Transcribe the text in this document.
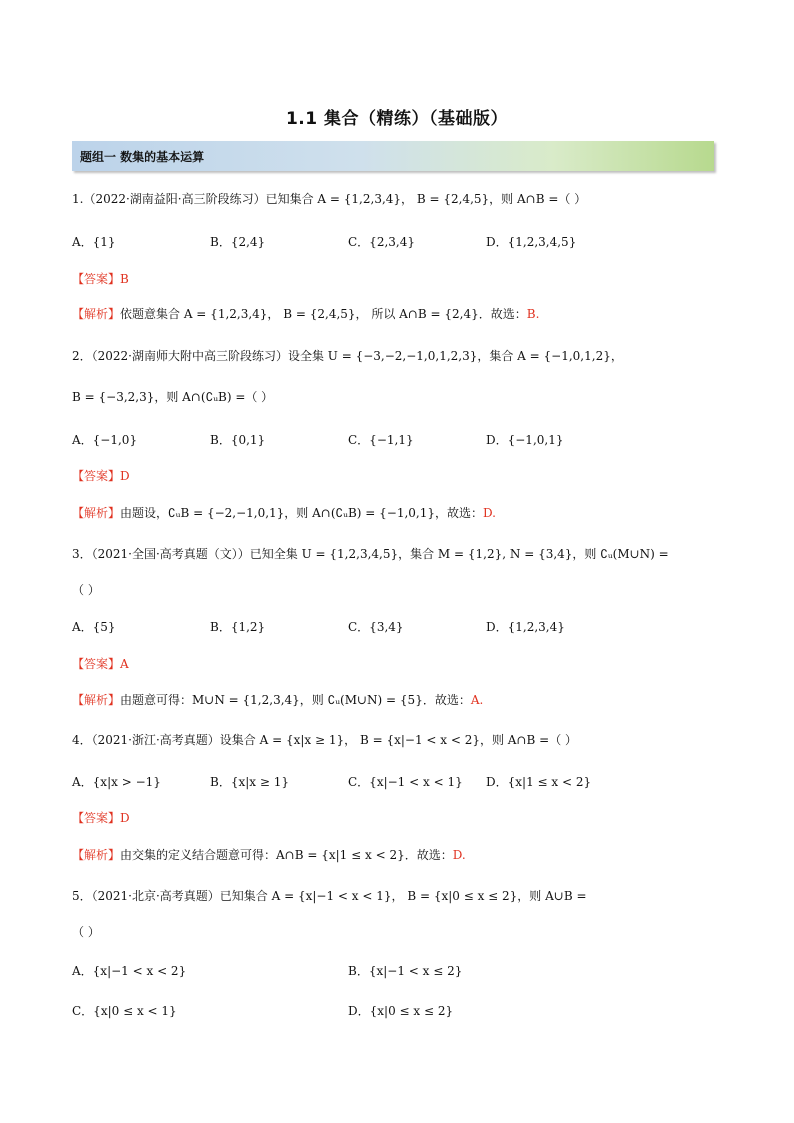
1.1 集合（精练）（基础版）
题组一 数集的基本运算
1.（2022·湖南益阳·高三阶段练习）已知集合 A = {1,2,3,4}， B = {2,4,5}，则 A∩B =（ ）
A．{1}	B．{2,4}	C．{2,3,4}	D．{1,2,3,4,5}
【答案】B
【解析】依题意集合 A = {1,2,3,4}， B = {2,4,5}， 所以 A∩B = {2,4}．故选：B.
2．（2022·湖南师大附中高三阶段练习）设全集 U = {−3,−2,−1,0,1,2,3}，集合 A = {−1,0,1,2}，
B = {−3,2,3}，则 A∩(∁ᵤB) =（ ）
A．{−1,0}	B．{0,1}	C．{−1,1}	D．{−1,0,1}
【答案】D
【解析】由题设，∁ᵤB = {−2,−1,0,1}，则 A∩(∁ᵤB) = {−1,0,1}，故选：D.
3．（2021·全国·高考真题（文））已知全集 U = {1,2,3,4,5}，集合 M = {1,2}, N = {3,4}，则 ∁ᵤ(M∪N) =
（ ）
A．{5}	B．{1,2}	C．{3,4}	D．{1,2,3,4}
【答案】A
【解析】由题意可得：M∪N = {1,2,3,4}，则 ∁ᵤ(M∪N) = {5}．故选：A.
4．（2021·浙江·高考真题）设集合 A = {x|x ≥ 1}， B = {x|−1 < x < 2}，则 A∩B =（ ）
A．{x|x > −1}	B．{x|x ≥ 1}	C．{x|−1 < x < 1} D．{x|1 ≤ x < 2}
【答案】D
【解析】由交集的定义结合题意可得：A∩B = {x|1 ≤ x < 2}．故选：D.
5．（2021·北京·高考真题）已知集合 A = {x|−1 < x < 1}， B = {x|0 ≤ x ≤ 2}，则 A∪B =
（ ）
A．{x|−1 < x < 2}	B．{x|−1 < x ≤ 2}
C．{x|0 ≤ x < 1}	D．{x|0 ≤ x ≤ 2}
